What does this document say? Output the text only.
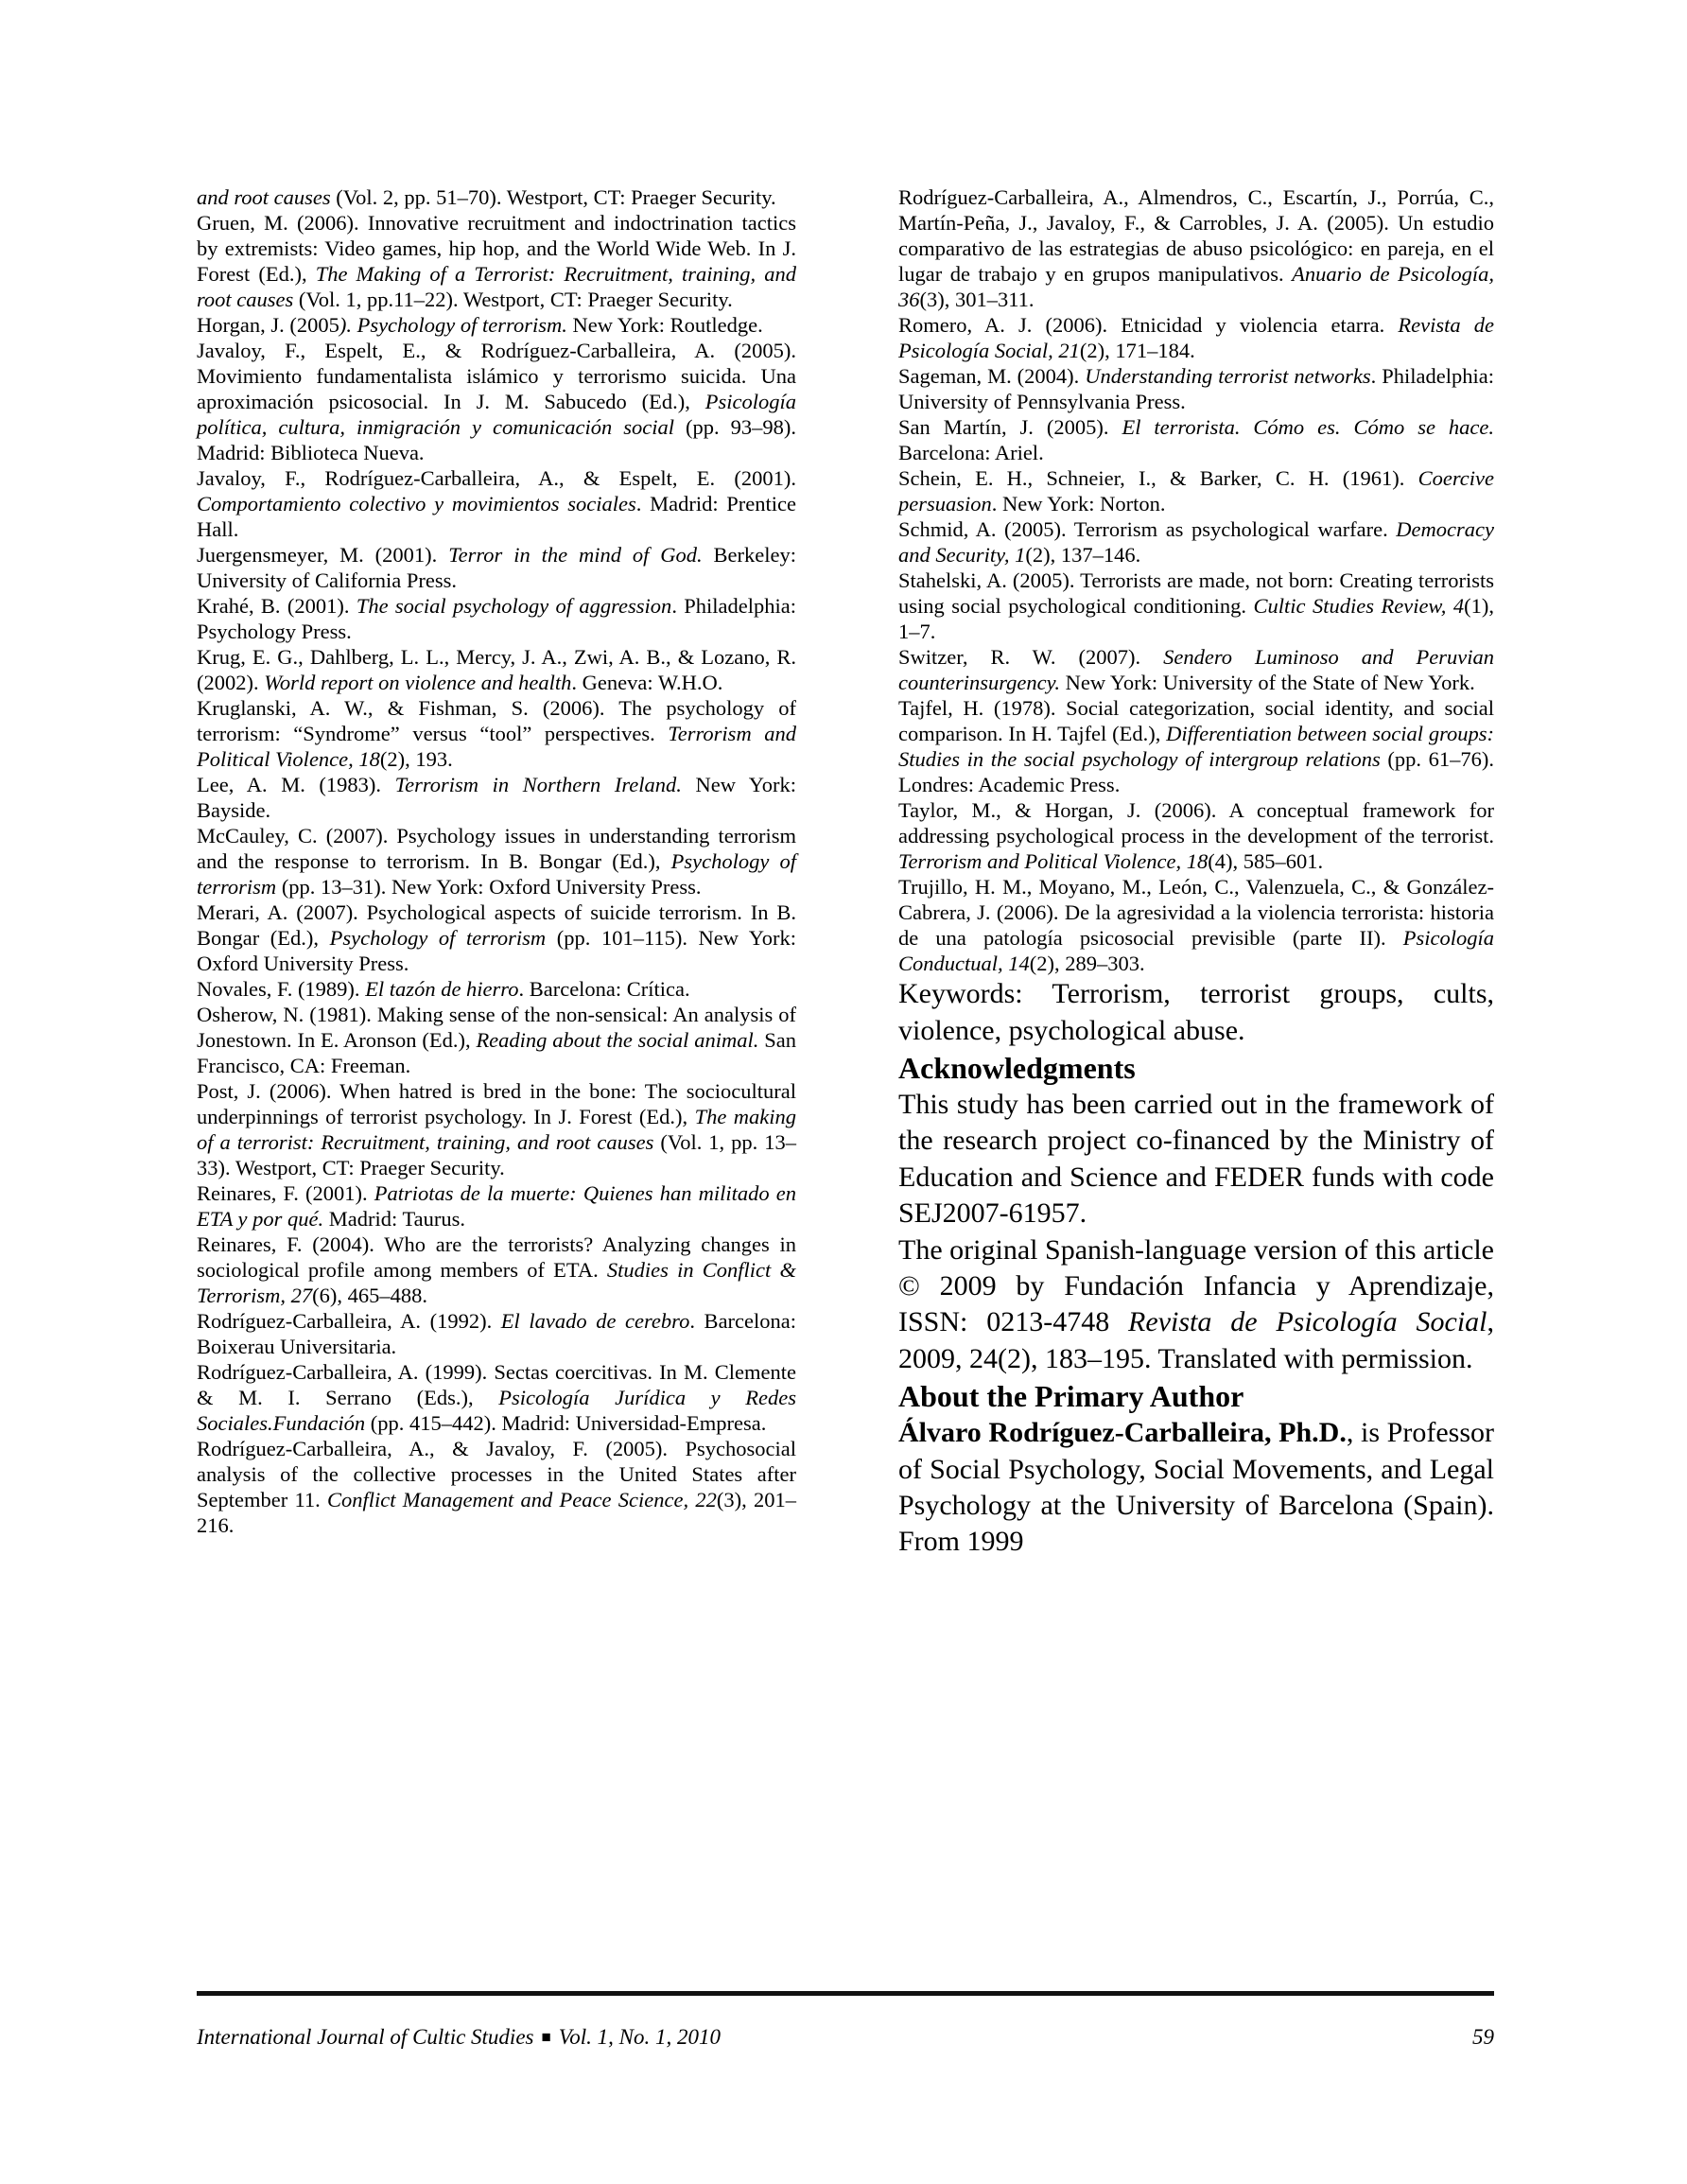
and root causes (Vol. 2, pp. 51–70). Westport, CT: Praeger Security.

Gruen, M. (2006). Innovative recruitment and indoctrination tactics by extremists: Video games, hip hop, and the World Wide Web. In J. Forest (Ed.), The Making of a Terrorist: Recruitment, training, and root causes (Vol. 1, pp.11–22). Westport, CT: Praeger Security.

Horgan, J. (2005). Psychology of terrorism. New York: Routledge.

Javaloy, F., Espelt, E., & Rodríguez-Carballeira, A. (2005). Movimiento fundamentalista islámico y terrorismo suicida. Una aproximación psicosocial. In J. M. Sabucedo (Ed.), Psicología política, cultura, inmigración y comunicación social (pp. 93–98). Madrid: Biblioteca Nueva.

Javaloy, F., Rodríguez-Carballeira, A., & Espelt, E. (2001). Comportamiento colectivo y movimientos sociales. Madrid: Prentice Hall.

Juergensmeyer, M. (2001). Terror in the mind of God. Berkeley: University of California Press.

Krahé, B. (2001). The social psychology of aggression. Philadelphia: Psychology Press.

Krug, E. G., Dahlberg, L. L., Mercy, J. A., Zwi, A. B., & Lozano, R. (2002). World report on violence and health. Geneva: W.H.O.

Kruglanski, A. W., & Fishman, S. (2006). The psychology of terrorism: “Syndrome” versus “tool” perspectives. Terrorism and Political Violence, 18(2), 193.

Lee, A. M. (1983). Terrorism in Northern Ireland. New York: Bayside.

McCauley, C. (2007). Psychology issues in understanding terrorism and the response to terrorism. In B. Bongar (Ed.), Psychology of terrorism (pp. 13–31). New York: Oxford University Press.

Merari, A. (2007). Psychological aspects of suicide terrorism. In B. Bongar (Ed.), Psychology of terrorism (pp. 101–115). New York: Oxford University Press.

Novales, F. (1989). El tazón de hierro. Barcelona: Crítica.

Osherow, N. (1981). Making sense of the non-sensical: An analysis of Jonestown. In E. Aronson (Ed.), Reading about the social animal. San Francisco, CA: Freeman.

Post, J. (2006). When hatred is bred in the bone: The sociocultural underpinnings of terrorist psychology. In J. Forest (Ed.), The making of a terrorist: Recruitment, training, and root causes (Vol. 1, pp. 13–33). Westport, CT: Praeger Security.

Reinares, F. (2001). Patriotas de la muerte: Quienes han militado en ETA y por qué. Madrid: Taurus.

Reinares, F. (2004). Who are the terrorists? Analyzing changes in sociological profile among members of ETA. Studies in Conflict & Terrorism, 27(6), 465–488.

Rodríguez-Carballeira, A. (1992). El lavado de cerebro. Barcelona: Boixerau Universitaria.

Rodríguez-Carballeira, A. (1999). Sectas coercitivas. In M. Clemente & M. I. Serrano (Eds.), Psicología Jurídica y Redes Sociales.Fundación (pp. 415–442). Madrid: Universidad-Empresa.

Rodríguez-Carballeira, A., & Javaloy, F. (2005). Psychosocial analysis of the collective processes in the United States after September 11. Conflict Management and Peace Science, 22(3), 201–216.

Rodríguez-Carballeira, A., Almendros, C., Escartín, J., Porrúa, C., Martín-Peña, J., Javaloy, F., & Carrobles, J. A. (2005). Un estudio comparativo de las estrategias de abuso psicológico: en pareja, en el lugar de trabajo y en grupos manipulativos. Anuario de Psicología, 36(3), 301–311.

Romero, A. J. (2006). Etnicidad y violencia etarra. Revista de Psicología Social, 21(2), 171–184.

Sageman, M. (2004). Understanding terrorist networks. Philadelphia: University of Pennsylvania Press.

San Martín, J. (2005). El terrorista. Cómo es. Cómo se hace. Barcelona: Ariel.

Schein, E. H., Schneier, I., & Barker, C. H. (1961). Coercive persuasion. New York: Norton.

Schmid, A. (2005). Terrorism as psychological warfare. Democracy and Security, 1(2), 137–146.

Stahelski, A. (2005). Terrorists are made, not born: Creating terrorists using social psychological conditioning. Cultic Studies Review, 4(1), 1–7.

Switzer, R. W. (2007). Sendero Luminoso and Peruvian counterinsurgency. New York: University of the State of New York.

Tajfel, H. (1978). Social categorization, social identity, and social comparison. In H. Tajfel (Ed.), Differentiation between social groups: Studies in the social psychology of intergroup relations (pp. 61–76). Londres: Academic Press.

Taylor, M., & Horgan, J. (2006). A conceptual framework for addressing psychological process in the development of the terrorist. Terrorism and Political Violence, 18(4), 585–601.

Trujillo, H. M., Moyano, M., León, C., Valenzuela, C., & González-Cabrera, J. (2006). De la agresividad a la violencia terrorista: historia de una patología psicosocial previsible (parte II). Psicología Conductual, 14(2), 289–303.

Keywords: Terrorism, terrorist groups, cults, violence, psychological abuse.

Acknowledgments

This study has been carried out in the framework of the research project co-financed by the Ministry of Education and Science and FEDER funds with code SEJ2007-61957.

The original Spanish-language version of this article © 2009 by Fundación Infancia y Aprendizaje, ISSN: 0213-4748 Revista de Psicología Social, 2009, 24(2), 183–195. Translated with permission.

About the Primary Author

Álvaro Rodríguez-Carballeira, Ph.D., is Professor of Social Psychology, Social Movements, and Legal Psychology at the University of Barcelona (Spain). From 1999

International Journal of Cultic Studies ■ Vol. 1, No. 1, 2010	59
